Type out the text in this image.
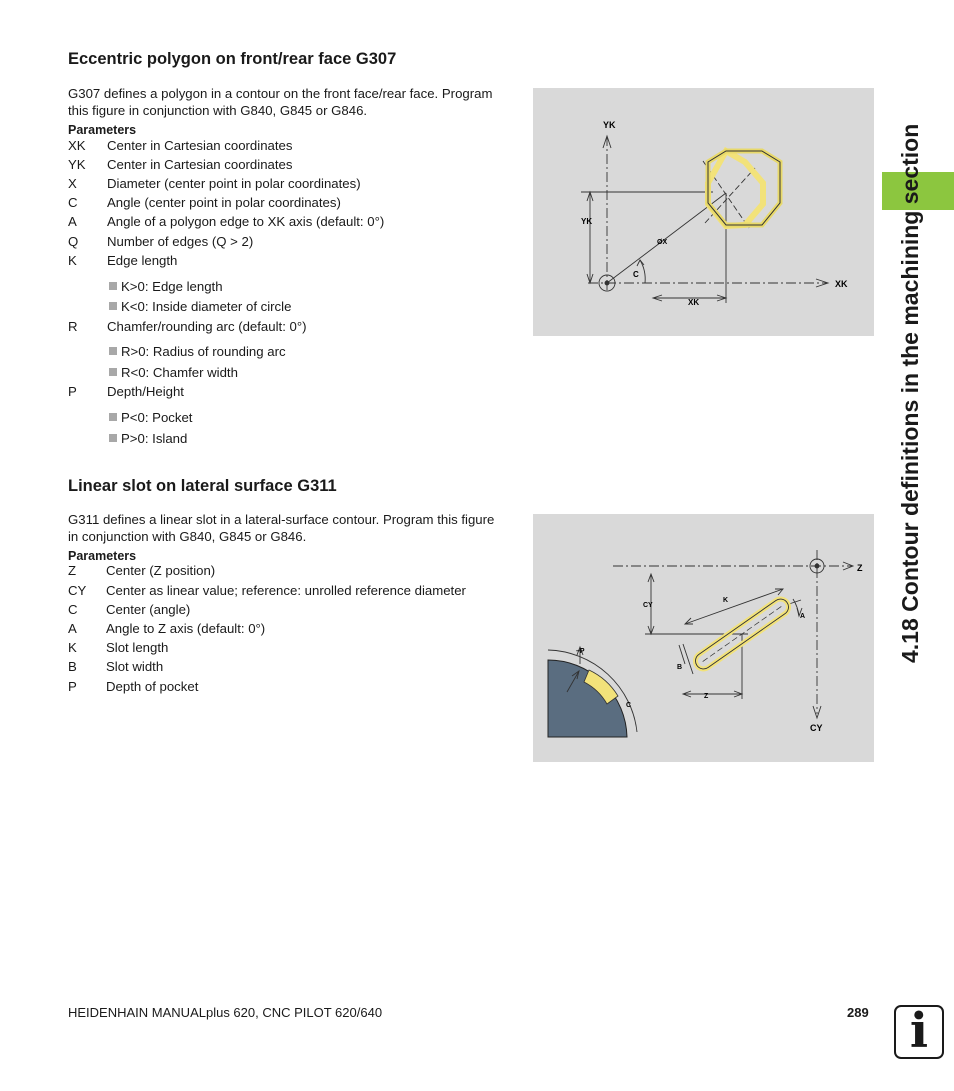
4.18 Contour definitions in the machining section
Eccentric polygon on front/rear face G307
G307 defines a polygon in a contour on the front face/rear face. Program this figure in conjunction with G840, G845 or G846.
Parameters
XK Center in Cartesian coordinates
YK Center in Cartesian coordinates
X Diameter (center point in polar coordinates)
C Angle (center point in polar coordinates)
A Angle of a polygon edge to XK axis (default: 0°)
Q Number of edges (Q > 2)
K Edge length
K>0: Edge length
K<0: Inside diameter of circle
R Chamfer/rounding arc (default: 0°)
R>0: Radius of rounding arc
R<0: Chamfer width
P Depth/Height
P<0: Pocket
P>0: Island
YK
YK
XK
XK
C
ØX
Linear slot on lateral surface G311
G311 defines a linear slot in a lateral-surface contour. Program this figure in conjunction with G840, G845 or G846.
Parameters
Z Center (Z position)
CY Center as linear value; reference: unrolled reference diameter
C Center (angle)
A Angle to Z axis (default: 0°)
K Slot length
B Slot width
P Depth of pocket
Z
CY
CY
K
A
B
Z
–P
C
HEIDENHAIN MANUALplus 620, CNC PILOT 620/640	289 i
